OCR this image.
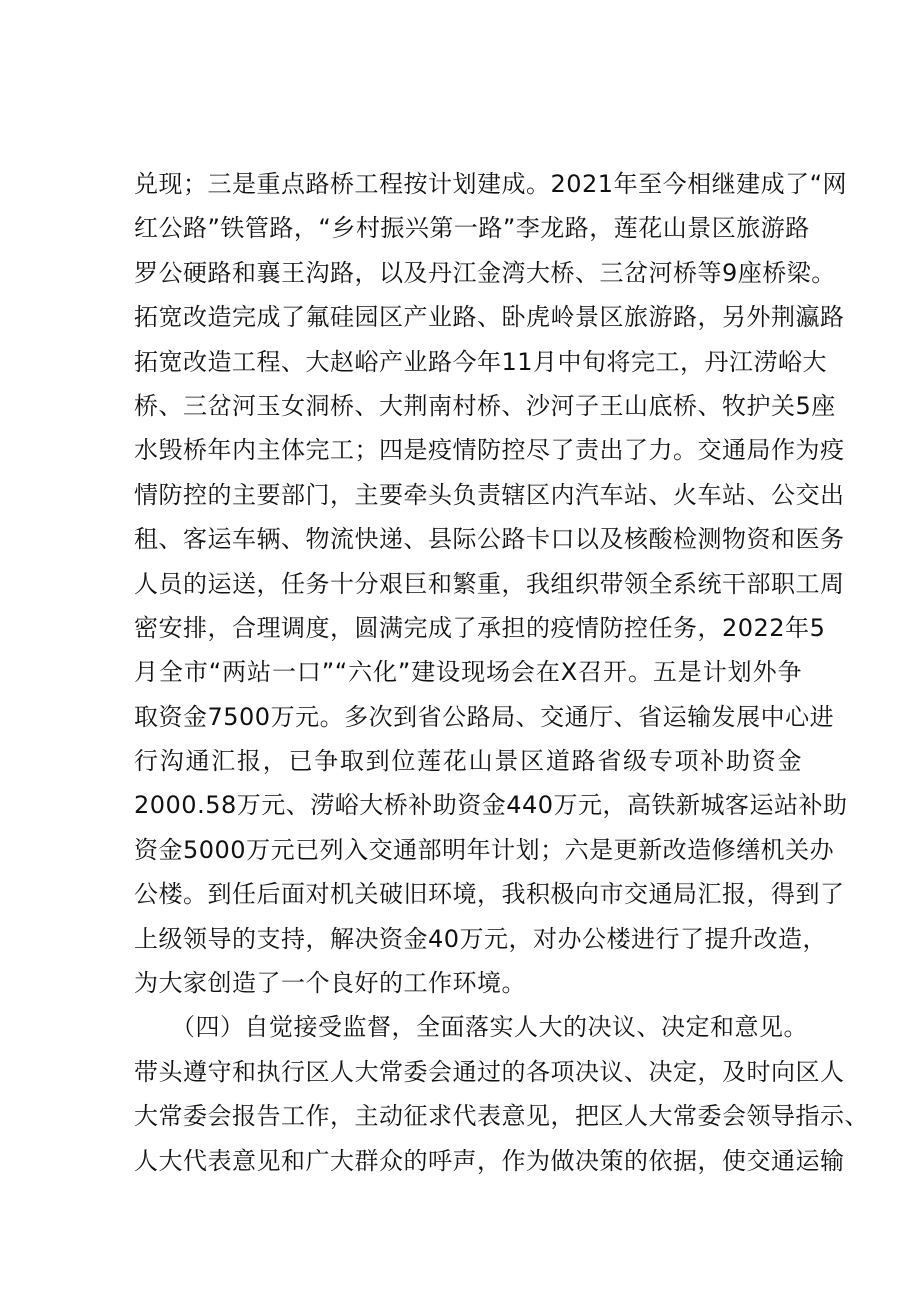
兑现；三是重点路桥工程按计划建成。2021年至今相继建成了“网
红公路”铁管路，“乡村振兴第一路”李龙路，莲花山景区旅游路
罗公硬路和襄王沟路，以及丹江金湾大桥、三岔河桥等9座桥梁。
拓宽改造完成了氟硅园区产业路、卧虎岭景区旅游路，另外荆瀛路
拓宽改造工程、大赵峪产业路今年11月中旬将完工，丹江涝峪大
桥、三岔河玉女洞桥、大荆南村桥、沙河子王山底桥、牧护关5座
水毁桥年内主体完工；四是疫情防控尽了责出了力。交通局作为疫
情防控的主要部门，主要牵头负责辖区内汽车站、火车站、公交出
租、客运车辆、物流快递、县际公路卡口以及核酸检测物资和医务
人员的运送，任务十分艰巨和繁重，我组织带领全系统干部职工周
密安排，合理调度，圆满完成了承担的疫情防控任务，2022年5
月全市“两站一口”“六化”建设现场会在X召开。五是计划外争
取资金7500万元。多次到省公路局、交通厅、省运输发展中心进
行沟通汇报，已争取到位莲花山景区道路省级专项补助资金
2000.58万元、涝峪大桥补助资金440万元，高铁新城客运站补助
资金5000万元已列入交通部明年计划；六是更新改造修缮机关办
公楼。到任后面对机关破旧环境，我积极向市交通局汇报，得到了
上级领导的支持，解决资金40万元，对办公楼进行了提升改造，
为大家创造了一个良好的工作环境。
　　（四）自觉接受监督，全面落实人大的决议、决定和意见。
带头遵守和执行区人大常委会通过的各项决议、决定，及时向区人
大常委会报告工作，主动征求代表意见，把区人大常委会领导指示、
人大代表意见和广大群众的呼声，作为做决策的依据，使交通运输
